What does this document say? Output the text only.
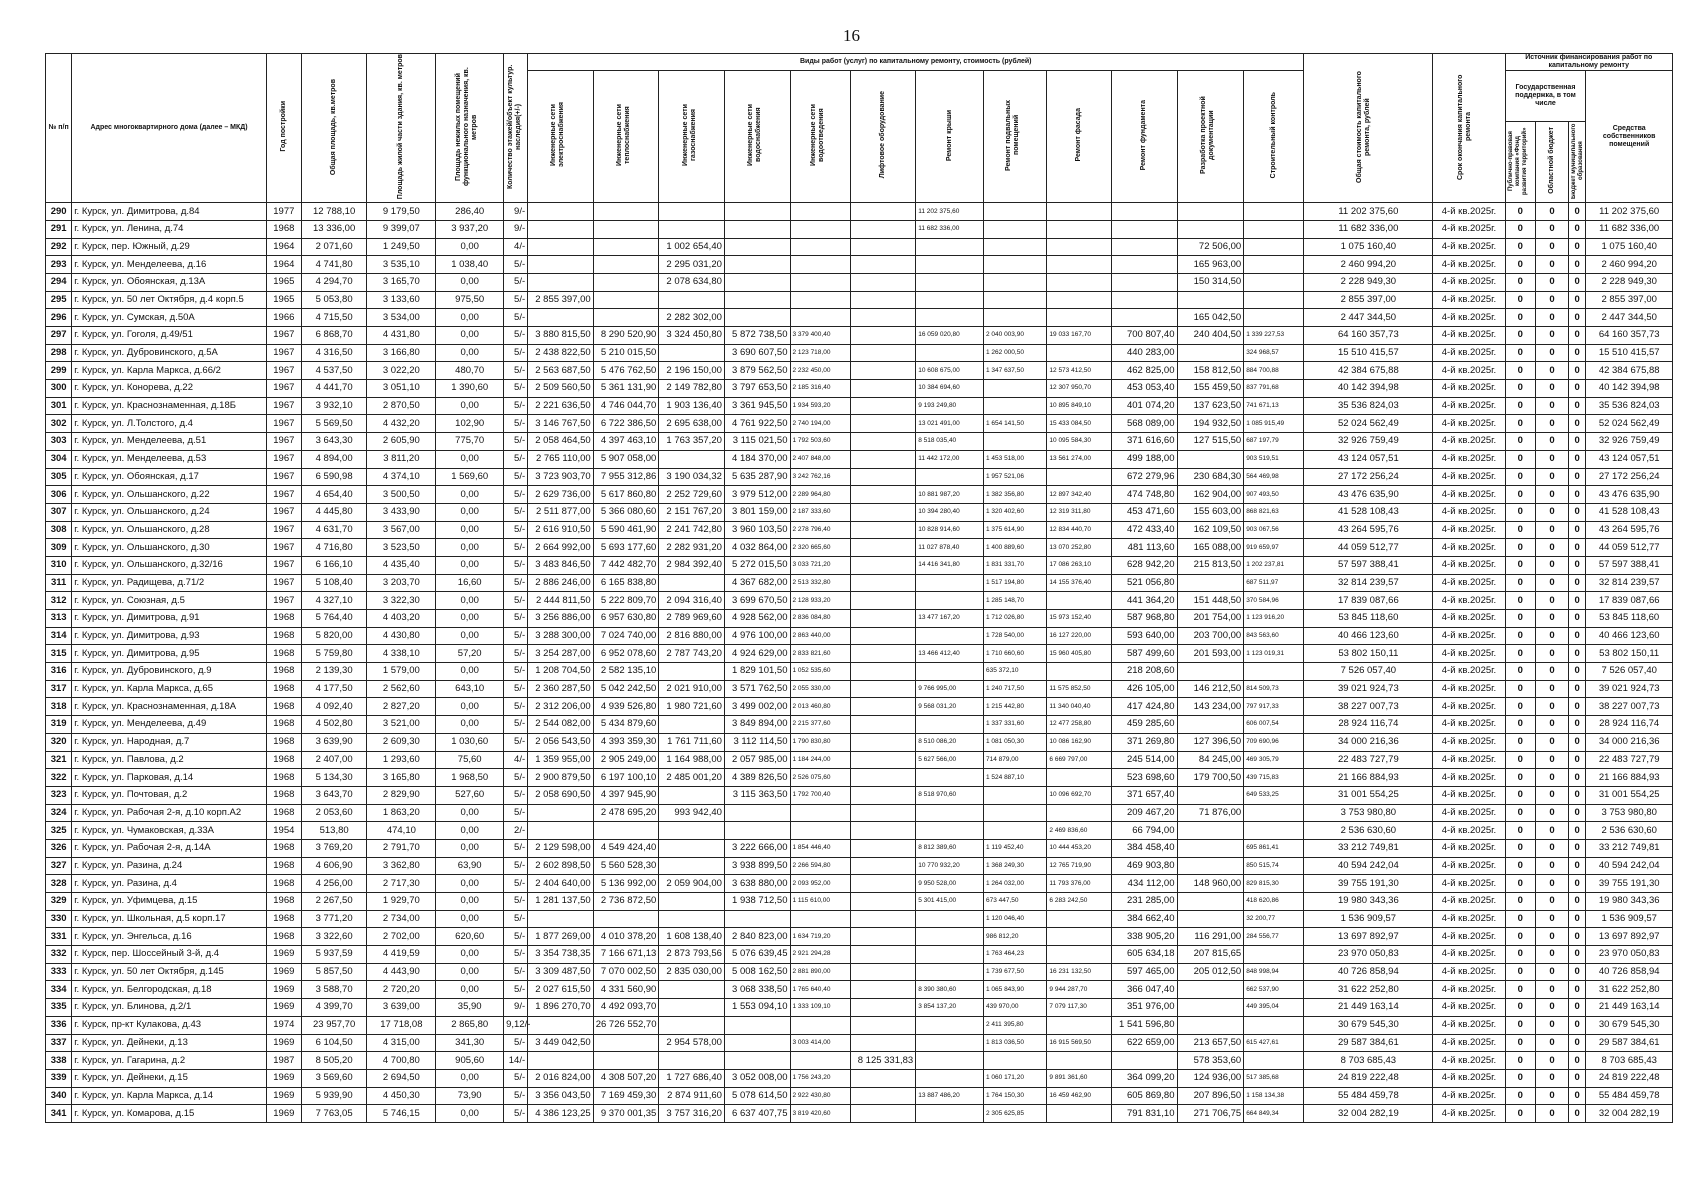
16
№ п/п	Адрес многоквартирного дома (далее – МКД)	Год постройки	Общая площадь, кв.метров	Площадь жилой части здания, кв. метров	Площадь нежилых помещений функционального назначения, кв. метров	Количество этажей/объект культур. наследия(+/-)	Виды работ (услуг) по капитальному ремонту, стоимость (рублей)												Общая стоимость капитального ремонта, рублей	Срок окончания капитального ремонта	Источник финансирования работ по капитальному ремонту			
							Инженерные сети электроснабжения	Инженерные сети теплоснабжения	Инженерные сети газоснабжения	Инженерные сети водоснабжения	Инженерные сети водоотведения	Лифтовое оборудование	Ремонт крыши	Ремонт подвальных помещений	Ремонт фасада	Ремонт фундамента	Разработка проектной документации	Строительный контроль			Государственная поддержка, в том числе			Средства собственников помещений
																					Публично-правовая компания «Фонд развития территорий»	Областной бюджет	Бюджет муниципального образования	
290	г. Курск, ул. Димитрова, д.84	1977	12 788,10	9 179,50	286,40	9/-							11 202 375,60						11 202 375,60	4-й кв.2025г.	0	0	0	11 202 375,60
291	г. Курск, ул. Ленина, д.74	1968	13 336,00	9 399,07	3 937,20	9/-							11 682 336,00						11 682 336,00	4-й кв.2025г.	0	0	0	11 682 336,00
292	г. Курск, пер. Южный, д.29	1964	2 071,60	1 249,50	0,00	4/-			1 002 654,40								72 506,00		1 075 160,40	4-й кв.2025г.	0	0	0	1 075 160,40
293	г. Курск, ул. Менделеева, д.16	1964	4 741,80	3 535,10	1 038,40	5/-			2 295 031,20								165 963,00		2 460 994,20	4-й кв.2025г.	0	0	0	2 460 994,20
294	г. Курск, ул. Обоянская, д.13А	1965	4 294,70	3 165,70	0,00	5/-			2 078 634,80								150 314,50		2 228 949,30	4-й кв.2025г.	0	0	0	2 228 949,30
295	г. Курск, ул. 50 лет Октября, д.4 корп.5	1965	5 053,80	3 133,60	975,50	5/-	2 855 397,00												2 855 397,00	4-й кв.2025г.	0	0	0	2 855 397,00
296	г. Курск, ул. Сумская, д.50А	1966	4 715,50	3 534,00	0,00	5/-			2 282 302,00								165 042,50		2 447 344,50	4-й кв.2025г.	0	0	0	2 447 344,50
297	г. Курск, ул. Гоголя, д.49/51	1967	6 868,70	4 431,80	0,00	5/-	3 880 815,50	8 290 520,90	3 324 450,80	5 872 738,50	3 379 400,40		16 059 020,80	2 040 003,90	19 033 167,70	700 807,40	240 404,50	1 339 227,53	64 160 357,73	4-й кв.2025г.	0	0	0	64 160 357,73
298	г. Курск, ул. Дубровинского, д.5А	1967	4 316,50	3 166,80	0,00	5/-	2 438 822,50	5 210 015,50		3 690 607,50	2 123 718,00			1 262 000,50		440 283,00		324 968,57	15 510 415,57	4-й кв.2025г.	0	0	0	15 510 415,57
299	г. Курск, ул. Карла Маркса, д.66/2	1967	4 537,50	3 022,20	480,70	5/-	2 563 687,50	5 476 762,50	2 196 150,00	3 879 562,50	2 232 450,00		10 608 675,00	1 347 637,50	12 573 412,50	462 825,00	158 812,50	884 700,88	42 384 675,88	4-й кв.2025г.	0	0	0	42 384 675,88
300	г. Курск, ул. Конорева, д.22	1967	4 441,70	3 051,10	1 390,60	5/-	2 509 560,50	5 361 131,90	2 149 782,80	3 797 653,50	2 185 316,40		10 384 694,60		12 307 950,70	453 053,40	155 459,50	837 791,68	40 142 394,98	4-й кв.2025г.	0	0	0	40 142 394,98
301	г. Курск, ул. Краснознаменная, д.18Б	1967	3 932,10	2 870,50	0,00	5/-	2 221 636,50	4 746 044,70	1 903 136,40	3 361 945,50	1 934 593,20		9 193 249,80		10 895 849,10	401 074,20	137 623,50	741 671,13	35 536 824,03	4-й кв.2025г.	0	0	0	35 536 824,03
302	г. Курск, ул. Л.Толстого, д.4	1967	5 569,50	4 432,20	102,90	5/-	3 146 767,50	6 722 386,50	2 695 638,00	4 761 922,50	2 740 194,00		13 021 491,00	1 654 141,50	15 433 084,50	568 089,00	194 932,50	1 085 915,49	52 024 562,49	4-й кв.2025г.	0	0	0	52 024 562,49
303	г. Курск, ул. Менделеева, д.51	1967	3 643,30	2 605,90	775,70	5/-	2 058 464,50	4 397 463,10	1 763 357,20	3 115 021,50	1 792 503,60		8 518 035,40		10 095 584,30	371 616,60	127 515,50	687 197,79	32 926 759,49	4-й кв.2025г.	0	0	0	32 926 759,49
304	г. Курск, ул. Менделеева, д.53	1967	4 894,00	3 811,20	0,00	5/-	2 765 110,00	5 907 058,00		4 184 370,00	2 407 848,00		11 442 172,00	1 453 518,00	13 561 274,00	499 188,00		903 519,51	43 124 057,51	4-й кв.2025г.	0	0	0	43 124 057,51
305	г. Курск, ул. Обоянская, д.17	1967	6 590,98	4 374,10	1 569,60	5/-	3 723 903,70	7 955 312,86	3 190 034,32	5 635 287,90	3 242 762,16			1 957 521,06		672 279,96	230 684,30	564 469,98	27 172 256,24	4-й кв.2025г.	0	0	0	27 172 256,24
306	г. Курск, ул. Ольшанского, д.22	1967	4 654,40	3 500,50	0,00	5/-	2 629 736,00	5 617 860,80	2 252 729,60	3 979 512,00	2 289 964,80		10 881 987,20	1 382 356,80	12 897 342,40	474 748,80	162 904,00	907 493,50	43 476 635,90	4-й кв.2025г.	0	0	0	43 476 635,90
307	г. Курск, ул. Ольшанского, д.24	1967	4 445,80	3 433,90	0,00	5/-	2 511 877,00	5 366 080,60	2 151 767,20	3 801 159,00	2 187 333,60		10 394 280,40	1 320 402,60	12 319 311,80	453 471,60	155 603,00	868 821,63	41 528 108,43	4-й кв.2025г.	0	0	0	41 528 108,43
308	г. Курск, ул. Ольшанского, д.28	1967	4 631,70	3 567,00	0,00	5/-	2 616 910,50	5 590 461,90	2 241 742,80	3 960 103,50	2 278 796,40		10 828 914,60	1 375 614,90	12 834 440,70	472 433,40	162 109,50	903 067,56	43 264 595,76	4-й кв.2025г.	0	0	0	43 264 595,76
309	г. Курск, ул. Ольшанского, д.30	1967	4 716,80	3 523,50	0,00	5/-	2 664 992,00	5 693 177,60	2 282 931,20	4 032 864,00	2 320 665,60		11 027 878,40	1 400 889,60	13 070 252,80	481 113,60	165 088,00	919 659,97	44 059 512,77	4-й кв.2025г.	0	0	0	44 059 512,77
310	г. Курск, ул. Ольшанского, д.32/16	1967	6 166,10	4 435,40	0,00	5/-	3 483 846,50	7 442 482,70	2 984 392,40	5 272 015,50	3 033 721,20		14 416 341,80	1 831 331,70	17 086 263,10	628 942,20	215 813,50	1 202 237,81	57 597 388,41	4-й кв.2025г.	0	0	0	57 597 388,41
311	г. Курск, ул. Радищева, д.71/2	1967	5 108,40	3 203,70	16,60	5/-	2 886 246,00	6 165 838,80		4 367 682,00	2 513 332,80			1 517 194,80	14 155 376,40	521 056,80		687 511,97	32 814 239,57	4-й кв.2025г.	0	0	0	32 814 239,57
312	г. Курск, ул. Союзная, д.5	1967	4 327,10	3 322,30	0,00	5/-	2 444 811,50	5 222 809,70	2 094 316,40	3 699 670,50	2 128 933,20			1 285 148,70		441 364,20	151 448,50	370 584,96	17 839 087,66	4-й кв.2025г.	0	0	0	17 839 087,66
313	г. Курск, ул. Димитрова, д.91	1968	5 764,40	4 403,20	0,00	5/-	3 256 886,00	6 957 630,80	2 789 969,60	4 928 562,00	2 836 084,80		13 477 167,20	1 712 026,80	15 973 152,40	587 968,80	201 754,00	1 123 916,20	53 845 118,60	4-й кв.2025г.	0	0	0	53 845 118,60
314	г. Курск, ул. Димитрова, д.93	1968	5 820,00	4 430,80	0,00	5/-	3 288 300,00	7 024 740,00	2 816 880,00	4 976 100,00	2 863 440,00			1 728 540,00	16 127 220,00	593 640,00	203 700,00	843 563,60	40 466 123,60	4-й кв.2025г.	0	0	0	40 466 123,60
315	г. Курск, ул. Димитрова, д.95	1968	5 759,80	4 338,10	57,20	5/-	3 254 287,00	6 952 078,60	2 787 743,20	4 924 629,00	2 833 821,60		13 466 412,40	1 710 660,60	15 960 405,80	587 499,60	201 593,00	1 123 019,31	53 802 150,11	4-й кв.2025г.	0	0	0	53 802 150,11
316	г. Курск, ул. Дубровинского, д.9	1968	2 139,30	1 579,00	0,00	5/-	1 208 704,50	2 582 135,10		1 829 101,50	1 052 535,60			635 372,10		218 208,60			7 526 057,40	4-й кв.2025г.	0	0	0	7 526 057,40
317	г. Курск, ул. Карла Маркса, д.65	1968	4 177,50	2 562,60	643,10	5/-	2 360 287,50	5 042 242,50	2 021 910,00	3 571 762,50	2 055 330,00		9 766 995,00	1 240 717,50	11 575 852,50	426 105,00	146 212,50	814 509,73	39 021 924,73	4-й кв.2025г.	0	0	0	39 021 924,73
318	г. Курск, ул. Краснознаменная, д.18А	1968	4 092,40	2 827,20	0,00	5/-	2 312 206,00	4 939 526,80	1 980 721,60	3 499 002,00	2 013 460,80		9 568 031,20	1 215 442,80	11 340 040,40	417 424,80	143 234,00	797 917,33	38 227 007,73	4-й кв.2025г.	0	0	0	38 227 007,73
319	г. Курск, ул. Менделеева, д.49	1968	4 502,80	3 521,00	0,00	5/-	2 544 082,00	5 434 879,60		3 849 894,00	2 215 377,60			1 337 331,60	12 477 258,80	459 285,60		606 007,54	28 924 116,74	4-й кв.2025г.	0	0	0	28 924 116,74
320	г. Курск, ул. Народная, д.7	1968	3 639,90	2 609,30	1 030,60	5/-	2 056 543,50	4 393 359,30	1 761 711,60	3 112 114,50	1 790 830,80		8 510 086,20	1 081 050,30	10 086 162,90	371 269,80	127 396,50	709 690,96	34 000 216,36	4-й кв.2025г.	0	0	0	34 000 216,36
321	г. Курск, ул. Павлова, д.2	1968	2 407,00	1 293,60	75,60	4/-	1 359 955,00	2 905 249,00	1 164 988,00	2 057 985,00	1 184 244,00		5 627 566,00	714 879,00	6 669 797,00	245 514,00	84 245,00	469 305,79	22 483 727,79	4-й кв.2025г.	0	0	0	22 483 727,79
322	г. Курск, ул. Парковая, д.14	1968	5 134,30	3 165,80	1 968,50	5/-	2 900 879,50	6 197 100,10	2 485 001,20	4 389 826,50	2 526 075,60			1 524 887,10		523 698,60	179 700,50	439 715,83	21 166 884,93	4-й кв.2025г.	0	0	0	21 166 884,93
323	г. Курск, ул. Почтовая, д.2	1968	3 643,70	2 829,90	527,60	5/-	2 058 690,50	4 397 945,90		3 115 363,50	1 792 700,40		8 518 970,60		10 096 692,70	371 657,40		649 533,25	31 001 554,25	4-й кв.2025г.	0	0	0	31 001 554,25
324	г. Курск, ул. Рабочая 2-я, д.10 корп.А2	1968	2 053,60	1 863,20	0,00	5/-		2 478 695,20	993 942,40							209 467,20	71 876,00		3 753 980,80	4-й кв.2025г.	0	0	0	3 753 980,80
325	г. Курск, ул. Чумаковская, д.33А	1954	513,80	474,10	0,00	2/-									2 469 836,60	66 794,00			2 536 630,60	4-й кв.2025г.	0	0	0	2 536 630,60
326	г. Курск, ул. Рабочая 2-я, д.14А	1968	3 769,20	2 791,70	0,00	5/-	2 129 598,00	4 549 424,40		3 222 666,00	1 854 446,40		8 812 389,60	1 119 452,40	10 444 453,20	384 458,40		695 861,41	33 212 749,81	4-й кв.2025г.	0	0	0	33 212 749,81
327	г. Курск, ул. Разина, д.24	1968	4 606,90	3 362,80	63,90	5/-	2 602 898,50	5 560 528,30		3 938 899,50	2 266 594,80		10 770 932,20	1 368 249,30	12 765 719,90	469 903,80		850 515,74	40 594 242,04	4-й кв.2025г.	0	0	0	40 594 242,04
328	г. Курск, ул. Разина, д.4	1968	4 256,00	2 717,30	0,00	5/-	2 404 640,00	5 136 992,00	2 059 904,00	3 638 880,00	2 093 952,00		9 950 528,00	1 264 032,00	11 793 376,00	434 112,00	148 960,00	829 815,30	39 755 191,30	4-й кв.2025г.	0	0	0	39 755 191,30
329	г. Курск, ул. Уфимцева, д.15	1968	2 267,50	1 929,70	0,00	5/-	1 281 137,50	2 736 872,50		1 938 712,50	1 115 610,00		5 301 415,00	673 447,50	6 283 242,50	231 285,00		418 620,86	19 980 343,36	4-й кв.2025г.	0	0	0	19 980 343,36
330	г. Курск, ул. Школьная, д.5 корп.17	1968	3 771,20	2 734,00	0,00	5/-								1 120 046,40		384 662,40		32 200,77	1 536 909,57	4-й кв.2025г.	0	0	0	1 536 909,57
331	г. Курск, ул. Энгельса, д.16	1968	3 322,60	2 702,00	620,60	5/-	1 877 269,00	4 010 378,20	1 608 138,40	2 840 823,00	1 634 719,20			986 812,20		338 905,20	116 291,00	284 556,77	13 697 892,97	4-й кв.2025г.	0	0	0	13 697 892,97
332	г. Курск, пер. Шоссейный 3-й, д.4	1969	5 937,59	4 419,59	0,00	5/-	3 354 738,35	7 166 671,13	2 873 793,56	5 076 639,45	2 921 294,28			1 763 464,23		605 634,18	207 815,65		23 970 050,83	4-й кв.2025г.	0	0	0	23 970 050,83
333	г. Курск, ул. 50 лет Октября, д.145	1969	5 857,50	4 443,90	0,00	5/-	3 309 487,50	7 070 002,50	2 835 030,00	5 008 162,50	2 881 890,00			1 739 677,50	16 231 132,50	597 465,00	205 012,50	848 998,94	40 726 858,94	4-й кв.2025г.	0	0	0	40 726 858,94
334	г. Курск, ул. Белгородская, д.18	1969	3 588,70	2 720,20	0,00	5/-	2 027 615,50	4 331 560,90		3 068 338,50	1 765 640,40		8 390 380,60	1 065 843,90	9 944 287,70	366 047,40		662 537,90	31 622 252,80	4-й кв.2025г.	0	0	0	31 622 252,80
335	г. Курск, ул. Блинова, д.2/1	1969	4 399,70	3 639,00	35,90	9/-	1 896 270,70	4 492 093,70		1 553 094,10	1 333 109,10		3 854 137,20	439 970,00	7 079 117,30	351 976,00		449 395,04	21 449 163,14	4-й кв.2025г.	0	0	0	21 449 163,14
336	г. Курск, пр-кт Кулакова, д.43	1974	23 957,70	17 718,08	2 865,80	9,12/-		26 726 552,70						2 411 395,80		1 541 596,80			30 679 545,30	4-й кв.2025г.	0	0	0	30 679 545,30
337	г. Курск, ул. Дейнеки, д.13	1969	6 104,50	4 315,00	341,30	5/-	3 449 042,50		2 954 578,00		3 003 414,00			1 813 036,50	16 915 569,50	622 659,00	213 657,50	615 427,61	29 587 384,61	4-й кв.2025г.	0	0	0	29 587 384,61
338	г. Курск, ул. Гагарина, д.2	1987	8 505,20	4 700,80	905,60	14/-						8 125 331,83					578 353,60		8 703 685,43	4-й кв.2025г.	0	0	0	8 703 685,43
339	г. Курск, ул. Дейнеки, д.15	1969	3 569,60	2 694,50	0,00	5/-	2 016 824,00	4 308 507,20	1 727 686,40	3 052 008,00	1 756 243,20			1 060 171,20	9 891 361,60	364 099,20	124 936,00	517 385,68	24 819 222,48	4-й кв.2025г.	0	0	0	24 819 222,48
340	г. Курск, ул. Карла Маркса, д.14	1969	5 939,90	4 450,30	73,90	5/-	3 356 043,50	7 169 459,30	2 874 911,60	5 078 614,50	2 922 430,80		13 887 486,20	1 764 150,30	16 459 462,90	605 869,80	207 896,50	1 158 134,38	55 484 459,78	4-й кв.2025г.	0	0	0	55 484 459,78
341	г. Курск, ул. Комарова, д.15	1969	7 763,05	5 746,15	0,00	5/-	4 386 123,25	9 370 001,35	3 757 316,20	6 637 407,75	3 819 420,60			2 305 625,85		791 831,10	271 706,75	664 849,34	32 004 282,19	4-й кв.2025г.	0	0	0	32 004 282,19
